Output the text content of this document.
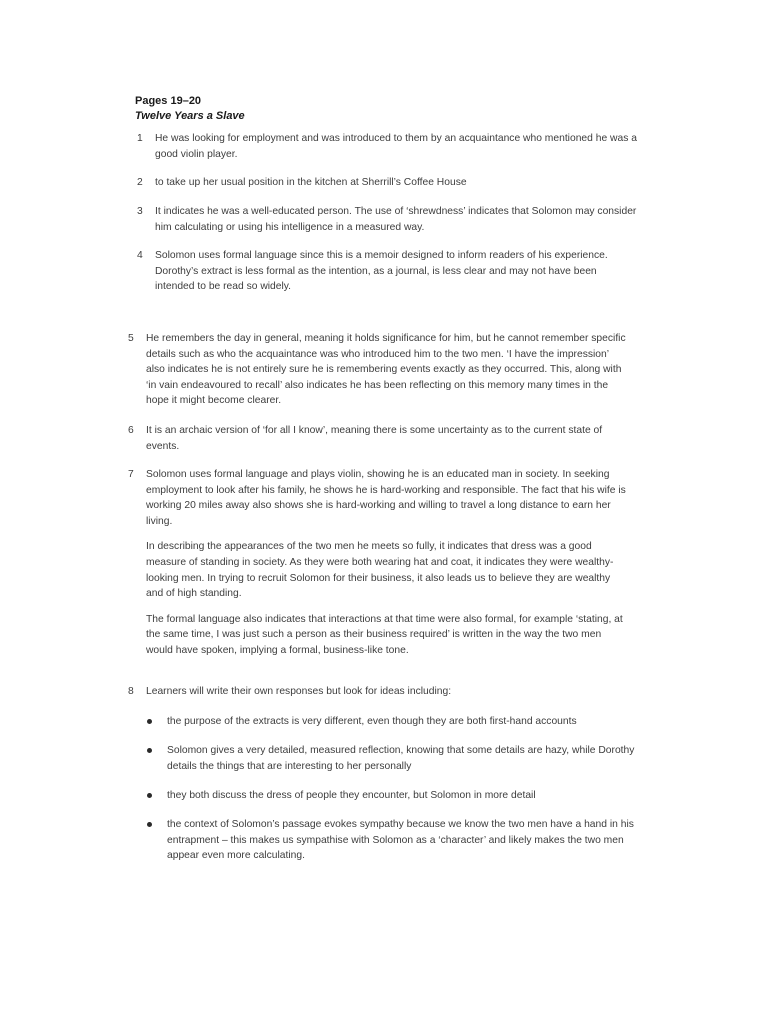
Pages 19–20
Twelve Years a Slave
1	He was looking for employment and was introduced to them by an acquaintance who mentioned he was a good violin player.

2	to take up her usual position in the kitchen at Sherrill’s Coffee House

3	It indicates he was a well-educated person. The use of ‘shrewdness’ indicates that Solomon may consider him calculating or using his intelligence in a measured way.

4	Solomon uses formal language since this is a memoir designed to inform readers of his experience. Dorothy’s extract is less formal as the intention, as a journal, is less clear and may not have been intended to be read so widely.

5	He remembers the day in general, meaning it holds significance for him, but he cannot remember specific details such as who the acquaintance was who introduced him to the two men. ‘I have the impression’ also indicates he is not entirely sure he is remembering events exactly as they occurred. This, along with ‘in vain endeavoured to recall’ also indicates he has been reflecting on this memory many times in the hope it might become clearer.

6	It is an archaic version of ‘for all I know’, meaning there is some uncertainty as to the current state of events.

7	Solomon uses formal language and plays violin, showing he is an educated man in society. In seeking employment to look after his family, he shows he is hard-working and responsible. The fact that his wife is working 20 miles away also shows she is hard-working and willing to travel a long distance to earn her living.

In describing the appearances of the two men he meets so fully, it indicates that dress was a good measure of standing in society. As they were both wearing hat and coat, it indicates they were wealthy-looking men. In trying to recruit Solomon for their business, it also leads us to believe they are wealthy and of high standing.

The formal language also indicates that interactions at that time were also formal, for example ‘stating, at the same time, I was just such a person as their business required’ is written in the way the two men would have spoken, implying a formal, business-like tone.

8	Learners will write their own responses but look for ideas including:

the purpose of the extracts is very different, even though they are both first-hand accounts
Solomon gives a very detailed, measured reflection, knowing that some details are hazy, while Dorothy details the things that are interesting to her personally
they both discuss the dress of people they encounter, but Solomon in more detail
the context of Solomon’s passage evokes sympathy because we know the two men have a hand in his entrapment – this makes us sympathise with Solomon as a ‘character’ and likely makes the two men appear even more calculating.
